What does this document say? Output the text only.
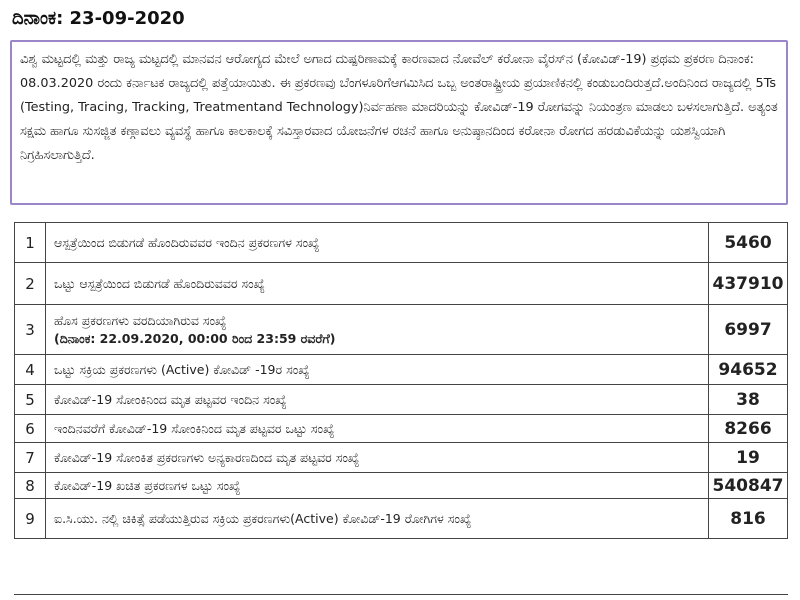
ದಿನಾಂಕ: 23-09-2020

ವಿಶ್ವ ಮಟ್ಟದಲ್ಲಿ ಮತ್ತು ರಾಜ್ಯ ಮಟ್ಟದಲ್ಲಿ ಮಾನವನ ಆರೋಗ್ಯದ ಮೇಲೆ ಅಗಾದ ದುಷ್ಪರಿಣಾಮಕ್ಕೆ ಕಾರಣವಾದ ನೋವೆಲ್ ಕರೋನಾ ವೈರಸ್‌ನ (ಕೋವಿಡ್-19) ಪ್ರಥಮ ಪ್ರಕರಣ ದಿನಾಂಕ: 08.03.2020 ರಂದು ಕರ್ನಾಟಕ ರಾಜ್ಯದಲ್ಲಿ ಪತ್ತೆಯಾಯಿತು. ಈ ಪ್ರಕರಣವು ಬೆಂಗಳೂರಿಗೆಆಗಮಿಸಿದ ಒಬ್ಬ ಅಂತರಾಷ್ಟ್ರೀಯ ಪ್ರಯಾಣಿಕನಲ್ಲಿ ಕಂಡುಬಂದಿರುತ್ತದೆ.ಅಂದಿನಿಂದ ರಾಜ್ಯದಲ್ಲಿ 5Ts (Testing, Tracing, Tracking, Treatmentand Technology)ನಿರ್ವಹಣಾ ಮಾದರಿಯನ್ನು ಕೋವಿಡ್-19 ರೋಗವನ್ನು ನಿಯಂತ್ರಣ ಮಾಡಲು ಬಳಸಲಾಗುತ್ತಿದೆ. ಅತ್ಯಂತ ಸಕ್ಷಮ ಹಾಗೂ ಸುಸಜ್ಜಿತ ಕಣ್ಗಾವಲು ವ್ಯವಸ್ಥೆ ಹಾಗೂ ಕಾಲಕಾಲಕ್ಕೆ ಸವಿಸ್ತಾರವಾದ ಯೋಜನೆಗಳ ರಚನೆ ಹಾಗೂ ಅನುಷ್ಠಾನದಿಂದ ಕರೋನಾ ರೋಗದ ಹರಡುವಿಕೆಯನ್ನು ಯಶಸ್ವಿಯಾಗಿ ನಿಗ್ರಹಿಸಲಾಗುತ್ತಿದೆ.

1	ಆಸ್ಪತ್ರೆಯಿಂದ ಬಿಡುಗಡೆ ಹೊಂದಿರುವವರ ಇಂದಿನ ಪ್ರಕರಣಗಳ ಸಂಖ್ಯೆ	5460
2	ಒಟ್ಟು ಆಸ್ಪತ್ರೆಯಿಂದ ಬಿಡುಗಡೆ ಹೊಂದಿರುವವರ ಸಂಖ್ಯೆ	437910
3	ಹೊಸ ಪ್ರಕರಣಗಳು ವರದಿಯಾಗಿರುವ ಸಂಖ್ಯೆ
(ದಿನಾಂಕ: 22.09.2020, 00:00 ರಿಂದ 23:59 ರವರೆಗೆ)	6997
4	ಒಟ್ಟು ಸಕ್ರಿಯ ಪ್ರಕರಣಗಳು (Active) ಕೋವಿಡ್ -19ರ ಸಂಖ್ಯೆ	94652
5	ಕೋವಿಡ್-19 ಸೋಂಕಿನಿಂದ ಮೃತ ಪಟ್ಟವರ ಇಂದಿನ ಸಂಖ್ಯೆ	38
6	ಇಂದಿನವರೆಗೆ ಕೋವಿಡ್-19 ಸೋಂಕಿನಿಂದ ಮೃತ ಪಟ್ಟವರ ಒಟ್ಟು ಸಂಖ್ಯೆ	8266
7	ಕೋವಿಡ್-19 ಸೋಂಕಿತ ಪ್ರಕರಣಗಳು ಅನ್ಯಕಾರಣದಿಂದ ಮೃತ ಪಟ್ಟವರ ಸಂಖ್ಯೆ	19
8	ಕೋವಿಡ್-19 ಖಚಿತ ಪ್ರಕರಣಗಳ ಒಟ್ಟು ಸಂಖ್ಯೆ	540847
9	ಐ.ಸಿ.ಯು. ನಲ್ಲಿ ಚಿಕಿತ್ಸೆ ಪಡೆಯುತ್ತಿರುವ ಸಕ್ರಿಯ ಪ್ರಕರಣಗಳು(Active) ಕೋವಿಡ್-19 ರೋಗಿಗಳ ಸಂಖ್ಯೆ	816
